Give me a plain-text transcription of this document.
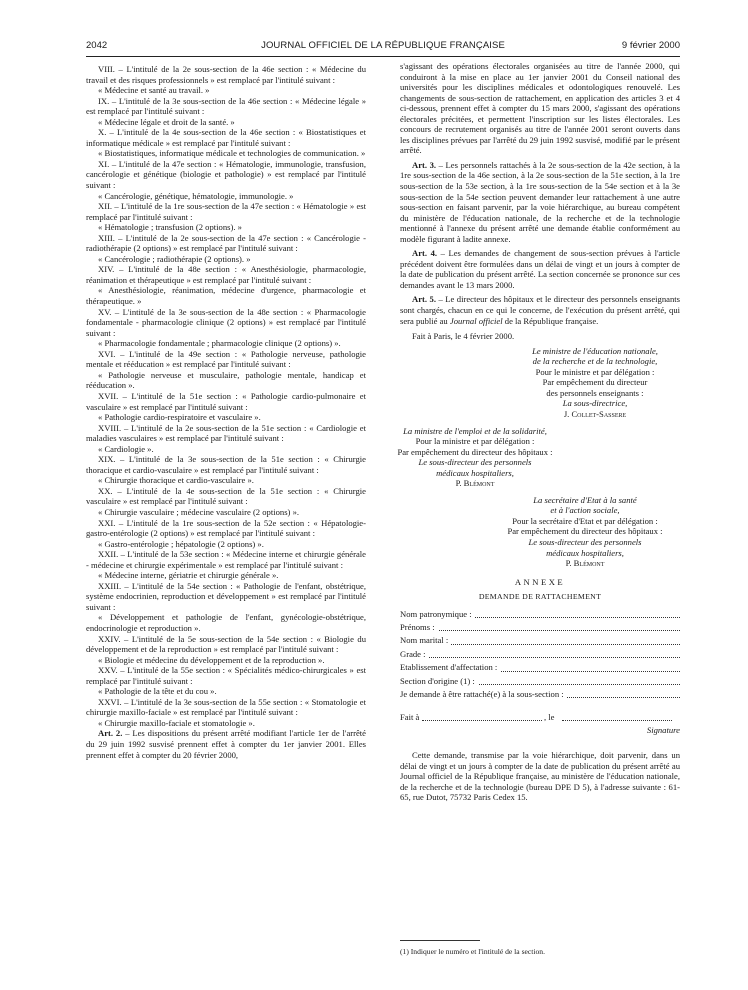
2042	JOURNAL OFFICIEL DE LA RÉPUBLIQUE FRANÇAISE	9 février 2000

VIII. – L'intitulé de la 2e sous-section de la 46e section : « Médecine du travail et des risques professionnels » est remplacé par l'intitulé suivant :

« Médecine et santé au travail. »

IX. – L'intitulé de la 3e sous-section de la 46e section : « Médecine légale » est remplacé par l'intitulé suivant :

« Médecine légale et droit de la santé. »

X. – L'intitulé de la 4e sous-section de la 46e section : « Biostatistiques et informatique médicale » est remplacé par l'intitulé suivant :

« Biostatistiques, informatique médicale et technologies de communication. »

XI. – L'intitulé de la 47e section : « Hématologie, immunologie, transfusion, cancérologie et génétique (biologie et pathologie) » est remplacé par l'intitulé suivant :

« Cancérologie, génétique, hématologie, immunologie. »

XII. – L'intitulé de la 1re sous-section de la 47e section : « Hématologie » est remplacé par l'intitulé suivant :

« Hématologie ; transfusion (2 options). »

XIII. – L'intitulé de la 2e sous-section de la 47e section : « Cancérologie - radiothérapie (2 options) » est remplacé par l'intitulé suivant :

« Cancérologie ; radiothérapie (2 options). »

XIV. – L'intitulé de la 48e section : « Anesthésiologie, pharmacologie, réanimation et thérapeutique » est remplacé par l'intitulé suivant :

« Anesthésiologie, réanimation, médecine d'urgence, pharmacologie et thérapeutique. »

XV. – L'intitulé de la 3e sous-section de la 48e section : « Pharmacologie fondamentale - pharmacologie clinique (2 options) » est remplacé par l'intitulé suivant :

« Pharmacologie fondamentale ; pharmacologie clinique (2 options) ».

XVI. – L'intitulé de la 49e section : « Pathologie nerveuse, pathologie mentale et rééducation » est remplacé par l'intitulé suivant :

« Pathologie nerveuse et musculaire, pathologie mentale, handicap et rééducation ».

XVII. – L'intitulé de la 51e section : « Pathologie cardio-pulmonaire et vasculaire » est remplacé par l'intitulé suivant :

« Pathologie cardio-respiratoire et vasculaire ».

XVIII. – L'intitulé de la 2e sous-section de la 51e section : « Cardiologie et maladies vasculaires » est remplacé par l'intitulé suivant :

« Cardiologie ».

XIX. – L'intitulé de la 3e sous-section de la 51e section : « Chirurgie thoracique et cardio-vasculaire » est remplacé par l'intitulé suivant :

« Chirurgie thoracique et cardio-vasculaire ».

XX. – L'intitulé de la 4e sous-section de la 51e section : « Chirurgie vasculaire » est remplacé par l'intitulé suivant :

« Chirurgie vasculaire ; médecine vasculaire (2 options) ».

XXI. – L'intitulé de la 1re sous-section de la 52e section : « Hépatologie-gastro-entérologie (2 options) » est remplacé par l'intitulé suivant :

« Gastro-entérologie ; hépatologie (2 options) ».

XXII. – L'intitulé de la 53e section : « Médecine interne et chirurgie générale - médecine et chirurgie expérimentale » est remplacé par l'intitulé suivant :

« Médecine interne, gériatrie et chirurgie générale ».

XXIII. – L'intitulé de la 54e section : « Pathologie de l'enfant, obstétrique, système endocrinien, reproduction et développement » est remplacé par l'intitulé suivant :

« Développement et pathologie de l'enfant, gynécologie-obstétrique, endocrinologie et reproduction ».

XXIV. – L'intitulé de la 5e sous-section de la 54e section : « Biologie du développement et de la reproduction » est remplacé par l'intitulé suivant :

« Biologie et médecine du développement et de la reproduction ».

XXV. – L'intitulé de la 55e section : « Spécialités médico-chirurgicales » est remplacé par l'intitulé suivant :

« Pathologie de la tête et du cou ».

XXVI. – L'intitulé de la 3e sous-section de la 55e section : « Stomatologie et chirurgie maxillo-faciale » est remplacé par l'intitulé suivant :

« Chirurgie maxillo-faciale et stomatologie ».

Art. 2. – Les dispositions du présent arrêté modifiant l'article 1er de l'arrêté du 29 juin 1992 susvisé prennent effet à compter du 1er janvier 2001. Elles prennent effet à compter du 20 février 2000,

s'agissant des opérations électorales organisées au titre de l'année 2000, qui conduiront à la mise en place au 1er janvier 2001 du Conseil national des universités pour les disciplines médicales et odontologiques renouvelé. Les changements de sous-section de rattachement, en application des articles 3 et 4 ci-dessous, prennent effet à compter du 15 mars 2000, s'agissant des opérations électorales précitées, et permettent l'inscription sur les listes électorales. Les concours de recrutement organisés au titre de l'année 2001 seront ouverts dans les disciplines prévues par l'arrêté du 29 juin 1992 susvisé, modifié par le présent arrêté.

Art. 3. – Les personnels rattachés à la 2e sous-section de la 42e section, à la 1re sous-section de la 46e section, à la 2e sous-section de la 51e section, à la 1re sous-section de la 53e section, à la 1re sous-section de la 54e section et à la 3e sous-section de la 54e section peuvent demander leur rattachement à une autre sous-section en faisant parvenir, par la voie hiérarchique, au bureau compétent du ministère de l'éducation nationale, de la recherche et de la technologie mentionné à l'annexe du présent arrêté une demande établie conformément au modèle figurant à ladite annexe.

Art. 4. – Les demandes de changement de sous-section prévues à l'article précédent doivent être formulées dans un délai de vingt et un jours à compter de la date de publication du présent arrêté. La section concernée se prononce sur ces demandes avant le 13 mars 2000.

Art. 5. – Le directeur des hôpitaux et le directeur des personnels enseignants sont chargés, chacun en ce qui le concerne, de l'exécution du présent arrêté, qui sera publié au Journal officiel de la République française.

Fait à Paris, le 4 février 2000.

Le ministre de l'éducation nationale,
de la recherche et de la technologie,
Pour le ministre et par délégation :
Par empêchement du directeur
des personnels enseignants :
La sous-directrice,
J. Collet-Sassere
La ministre de l'emploi et de la solidarité,
Pour la ministre et par délégation :
Par empêchement du directeur des hôpitaux :
Le sous-directeur des personnels
médicaux hospitaliers,
P. Blémont
La secrétaire d'Etat à la santé
et à l'action sociale,
Pour la secrétaire d'Etat et par délégation :
Par empêchement du directeur des hôpitaux :
Le sous-directeur des personnels
médicaux hospitaliers,
P. Blémont
ANNEXE
DEMANDE DE RATTACHEMENT
Nom patronymique :
Prénoms :
Nom marital :
Grade :
Etablissement d'affectation :
Section d'origine (1) :
Je demande à être rattaché(e) à la sous-section :
Fait à	, le
Signature

Cette demande, transmise par la voie hiérarchique, doit parvenir, dans un délai de vingt et un jours à compter de la date de publication du présent arrêté au Journal officiel de la République française, au ministère de l'éducation nationale, de la recherche et de la technologie (bureau DPE D 5), à l'adresse suivante : 61-65, rue Dutot, 75732 Paris Cedex 15.

(1) Indiquer le numéro et l'intitulé de la section.
